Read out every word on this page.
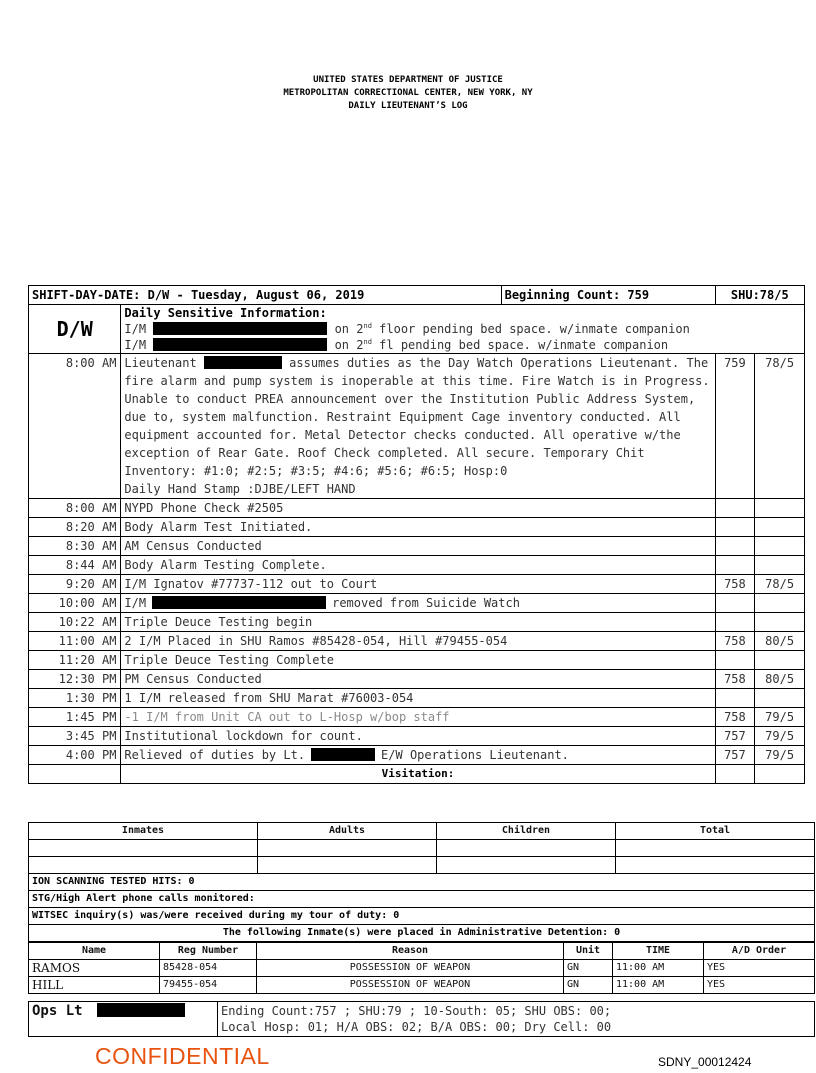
UNITED STATES DEPARTMENT OF JUSTICE
METROPOLITAN CORRECTIONAL CENTER, NEW YORK, NY
DAILY LIEUTENANT’S LOG
SHIFT-DAY-DATE: D/W - Tuesday, August 06, 2019 Beginning Count: 759		SHU:78/5	
D/W	Daily Sensitive Information:
I/M on 2nd floor pending bed space. w/inmate companion
I/M on 2nd fl pending bed space. w/inmate companion		

8:00 AM	Lieutenant assumes duties as the Day Watch Operations Lieutenant. The fire alarm and pump system is inoperable at this time. Fire Watch is in Progress. Unable to conduct PREA announcement over the Institution Public Address System, due to, system malfunction. Restraint Equipment Cage inventory conducted. All equipment accounted for. Metal Detector checks conducted. All operative w/the exception of Rear Gate. Roof Check completed. All secure. Temporary Chit Inventory: #1:0; #2:5; #3:5; #4:6; #5:6; #6:5; Hosp:0
Daily Hand Stamp :DJBE/LEFT HAND	759	78/5
8:00 AM	NYPD Phone Check #2505		
8:20 AM	Body Alarm Test Initiated.		
8:30 AM	AM Census Conducted		
8:44 AM	Body Alarm Testing Complete.		
9:20 AM	I/M Ignatov #77737-112 out to Court	758	78/5
10:00 AM	I/M removed from Suicide Watch		
10:22 AM	Triple Deuce Testing begin		
11:00 AM	2 I/M Placed in SHU Ramos #85428-054, Hill #79455-054	758	80/5
11:20 AM	Triple Deuce Testing Complete		
12:30 PM	PM Census Conducted	758	80/5
1:30 PM	1 I/M released from SHU Marat #76003-054		
1:45 PM	-1 I/M from Unit CA out to L-Hosp w/bop staff	758	79/5
3:45 PM	Institutional lockdown for count.	757	79/5
4:00 PM	Relieved of duties by Lt. E/W Operations Lieutenant.	757	79/5
	Visitation:		
Inmates	Adults	Children	Total

ION SCANNING TESTED HITS: 0			
STG/High Alert phone calls monitored:			
WITSEC inquiry(s) was/were received during my tour of duty: 0			
The following Inmate(s) were placed in Administrative Detention: 0			
Name	Reg Number	Reason	Unit	TIME	A/D Order
RAMOS	85428-054	POSSESSION OF WEAPON	GN	11:00 AM	YES
HILL	79455-054	POSSESSION OF WEAPON	GN	11:00 AM	YES
Ops Lt	Ending Count:757 ; SHU:79 ; 10-South: 05; SHU OBS: 00;
Local Hosp: 01; H/A OBS: 02; B/A OBS: 00; Dry Cell: 00
CONFIDENTIAL	SDNY_00012424
